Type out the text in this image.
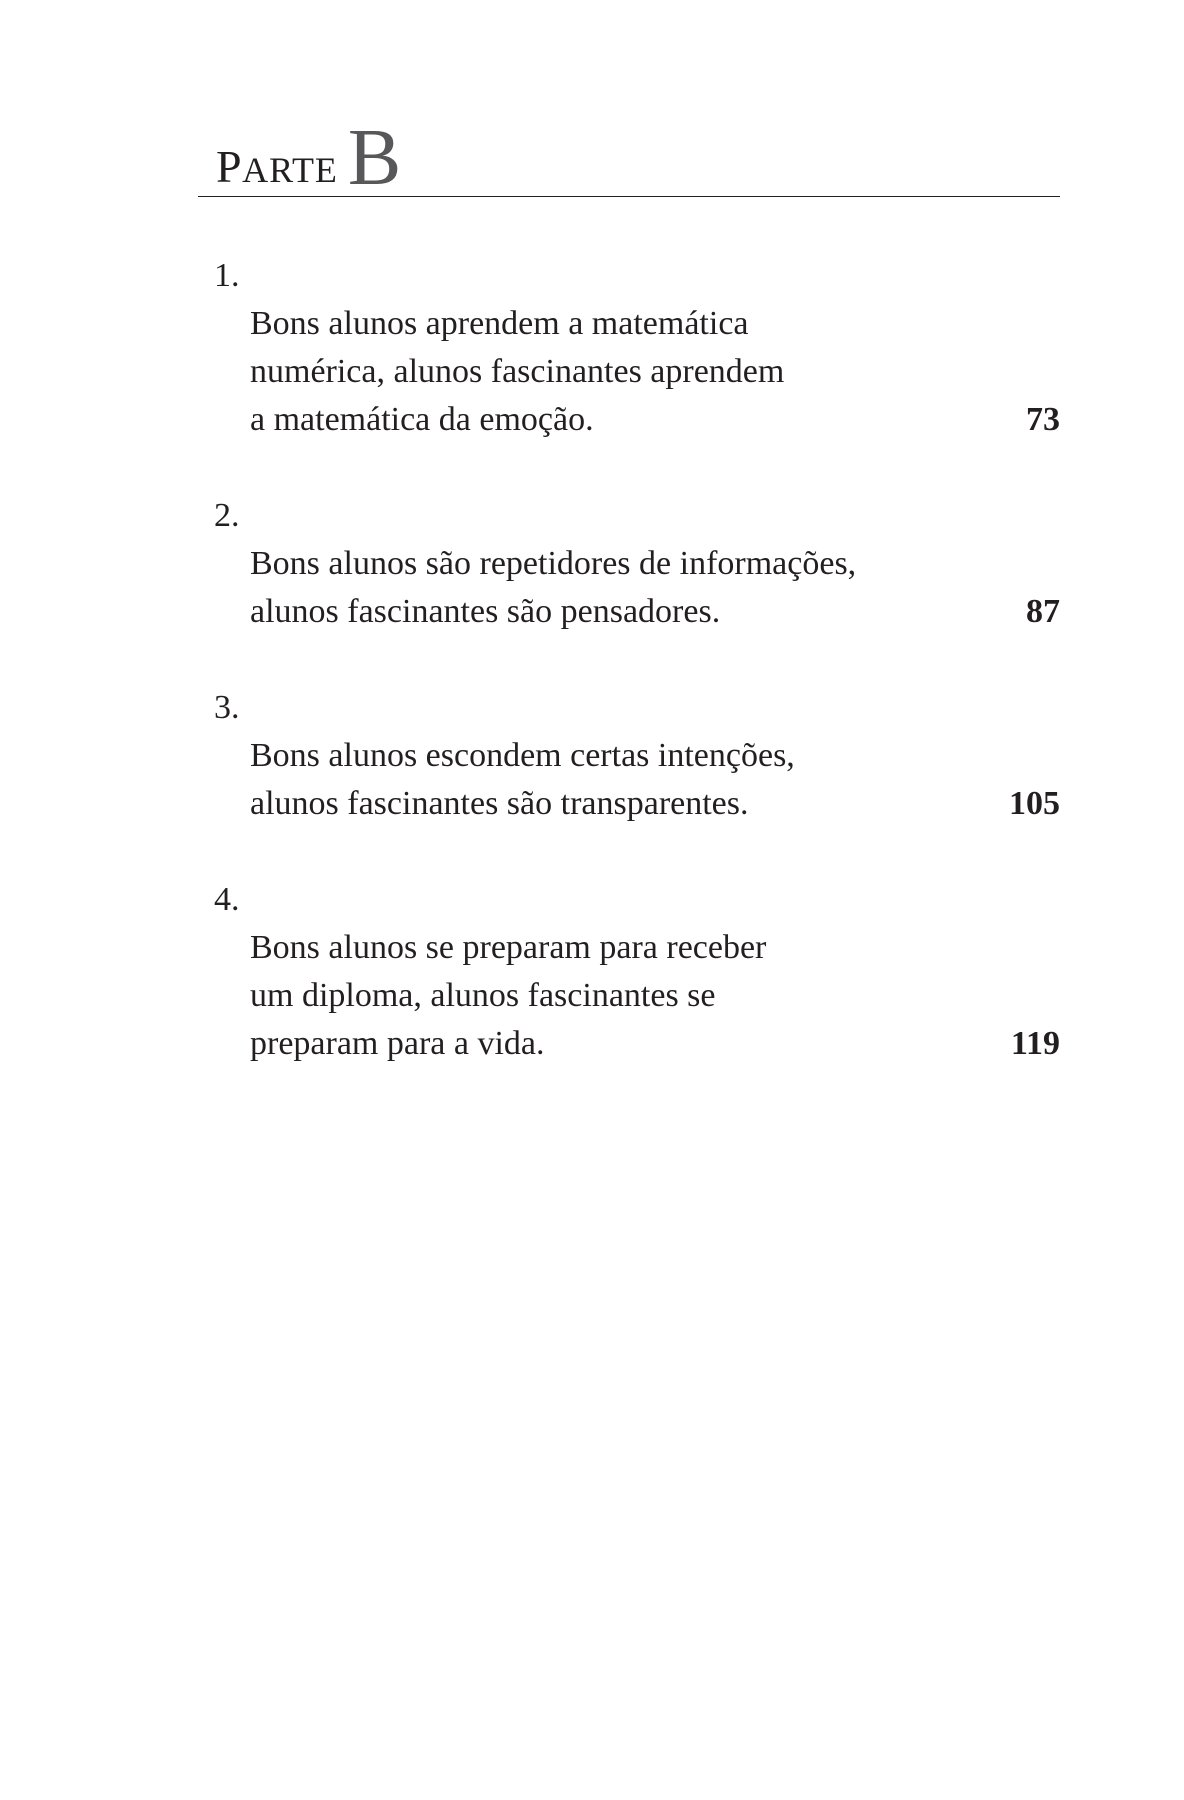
PARTE B

1.
Bons alunos aprendem a matemática
numérica, alunos fascinantes aprendem
a matemática da emoção.	73

2.
Bons alunos são repetidores de informações,
alunos fascinantes são pensadores.	87

3.
Bons alunos escondem certas intenções,
alunos fascinantes são transparentes.	105

4.
Bons alunos se preparam para receber
um diploma, alunos fascinantes se
preparam para a vida.	119
